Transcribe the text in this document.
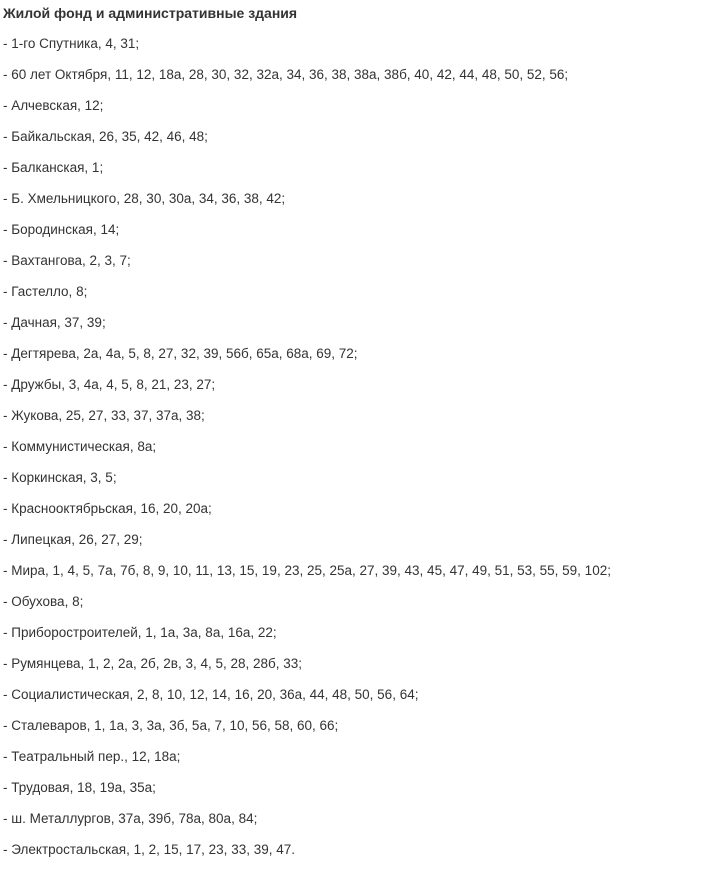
Жилой фонд и административные здания
- 1-го Спутника, 4, 31;
- 60 лет Октября, 11, 12, 18а, 28, 30, 32, 32а, 34, 36, 38, 38а, 38б, 40, 42, 44, 48, 50, 52, 56;
- Алчевская, 12;
- Байкальская, 26, 35, 42, 46, 48;
- Балканская, 1;
- Б. Хмельницкого, 28, 30, 30а, 34, 36, 38, 42;
- Бородинская, 14;
- Вахтангова, 2, 3, 7;
- Гастелло, 8;
- Дачная, 37, 39;
- Дегтярева, 2а, 4а, 5, 8, 27, 32, 39, 56б, 65а, 68а, 69, 72;
- Дружбы, 3, 4а, 4, 5, 8, 21, 23, 27;
- Жукова, 25, 27, 33, 37, 37а, 38;
- Коммунистическая, 8а;
- Коркинская, 3, 5;
- Краснооктябрьская, 16, 20, 20а;
- Липецкая, 26, 27, 29;
- Мира, 1, 4, 5, 7а, 7б, 8, 9, 10, 11, 13, 15, 19, 23, 25, 25а, 27, 39, 43, 45, 47, 49, 51, 53, 55, 59, 102;
- Обухова, 8;
- Приборостроителей, 1, 1а, 3а, 8а, 16а, 22;
- Румянцева, 1, 2, 2а, 2б, 2в, 3, 4, 5, 28, 28б, 33;
- Социалистическая, 2, 8, 10, 12, 14, 16, 20, 36а, 44, 48, 50, 56, 64;
- Сталеваров, 1, 1а, 3, 3а, 3б, 5а, 7, 10, 56, 58, 60, 66;
- Театральный пер., 12, 18а;
- Трудовая, 18, 19а, 35а;
- ш. Металлургов, 37а, 39б, 78а, 80а, 84;
- Электростальская, 1, 2, 15, 17, 23, 33, 39, 47.
